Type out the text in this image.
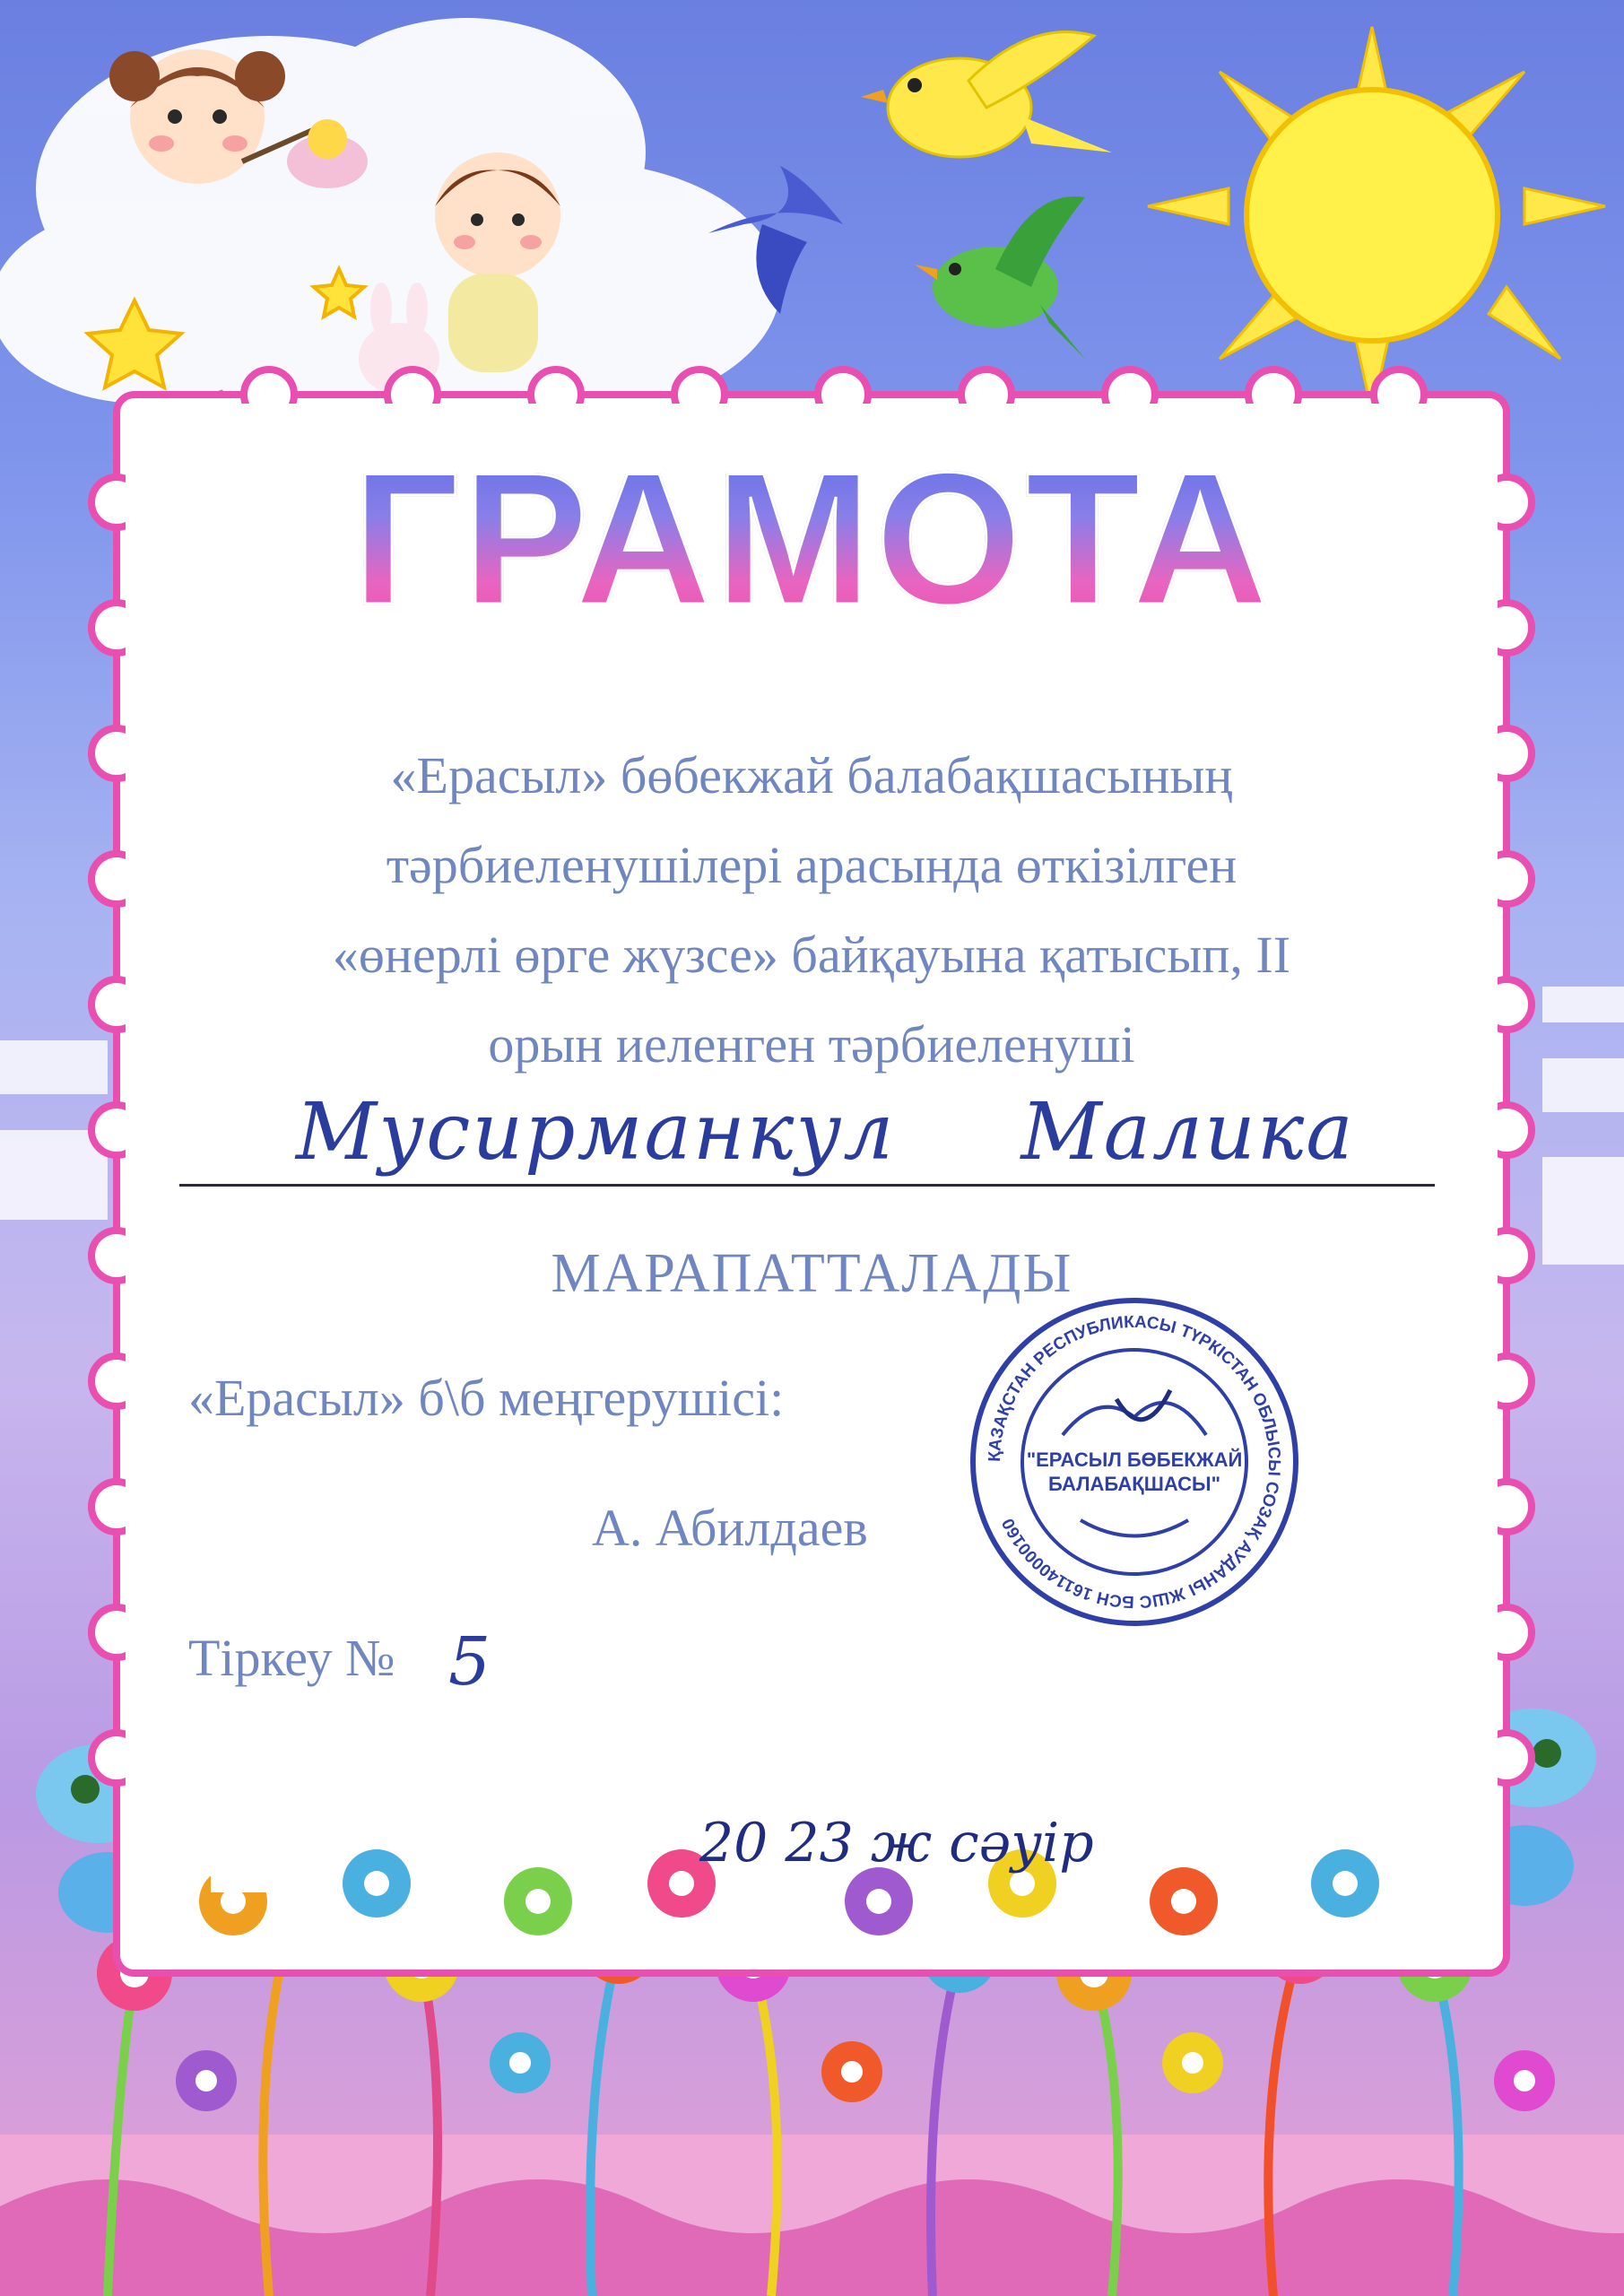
ГРАМОТА
«Ерасыл» бөбекжай балабақшасының
тәрбиеленушілері арасында өткізілген
«өнерлі өрге жүзсе» байқауына қатысып, II
орын иеленген тәрбиеленуші
Мусирманкул Малика
МАРАПАТТАЛАДЫ
«Ерасыл» б\б меңгерушісі:
А. Абилдаев
Тіркеу № 5
20 23 ж сәуір
ҚАЗАҚСТАН РЕСПУБЛИКАСЫ ТҮРКІСТАН ОБЛЫСЫ СОЗАҚ АУДАНЫ ЖШС БСН 161140000160
"ЕРАСЫЛ БӨБЕКЖАЙ
БАЛАБАҚШАСЫ"
